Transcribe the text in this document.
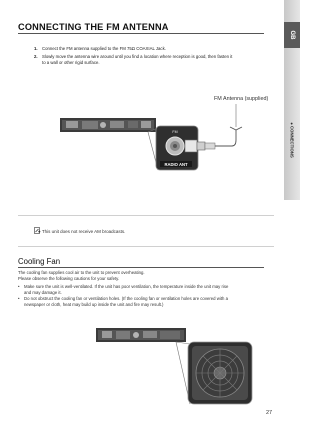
GB
● CONNECTIONS
CONNECTING THE FM ANTENNA
1. Connect the FM antenna supplied to the FM 75Ω COAXIAL Jack.
2. Slowly move the antenna wire around until you find a location where reception is good, then fasten it
to a wall or other rigid surface.
FM Antenna (supplied)
FM
RADIO ANT
● This unit does not receive AM broadcasts.
Cooling Fan
The cooling fan supplies cool air to the unit to prevent overheating.
Please observe the following cautions for your safety.
• Make sure the unit is well-ventilated. If the unit has poor ventilation, the temperature inside the unit may rise
and may damage it.
• Do not obstruct the cooling fan or ventilation holes. (If the cooling fan or ventilation holes are covered with a
newspaper or cloth, heat may build up inside the unit and fire may result.)
27
